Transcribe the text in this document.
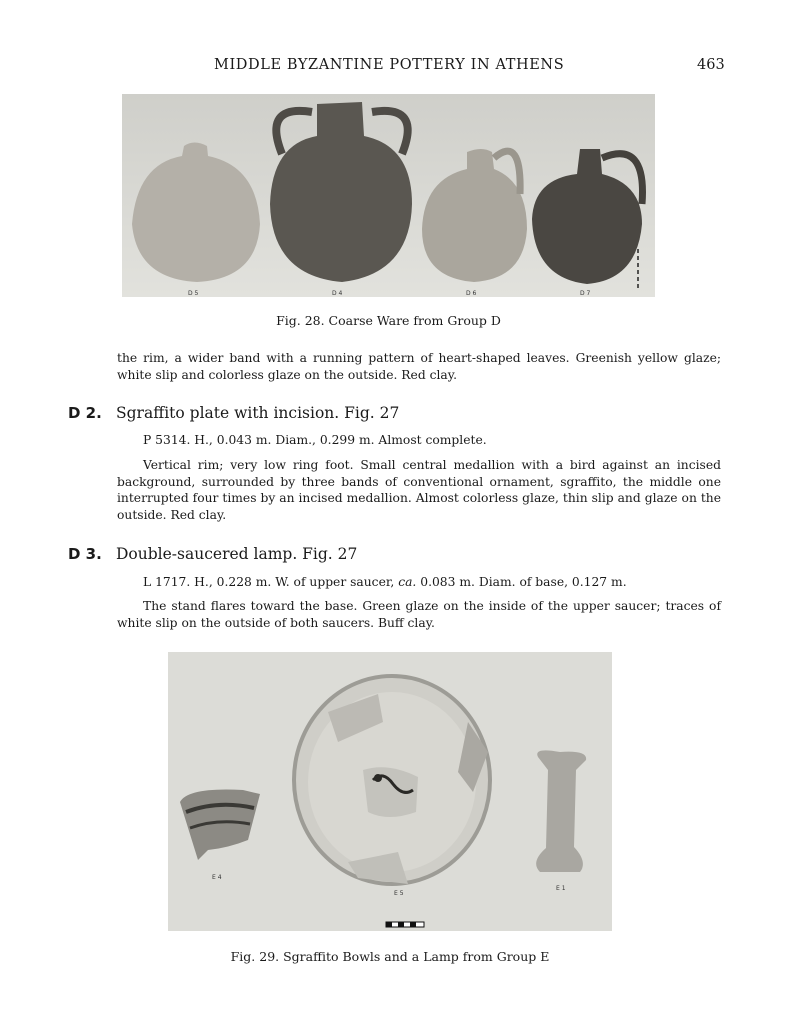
MIDDLE BYZANTINE POTTERY IN ATHENS	463
D 5	D 4	D 6	D 7
Fig. 28. Coarse Ware from Group D
the rim, a wider band with a running pattern of heart-shaped leaves. Greenish yellow glaze; white slip and colorless glaze on the outside. Red clay.
D 2. Sgraffito plate with incision. Fig. 27
P 5314. H., 0.043 m. Diam., 0.299 m. Almost complete.
Vertical rim; very low ring foot. Small central medallion with a bird against an incised background, surrounded by three bands of conventional ornament, sgraffito, the middle one interrupted four times by an incised medallion. Almost colorless glaze, thin slip and glaze on the outside. Red clay.
D 3. Double-saucered lamp. Fig. 27
L 1717. H., 0.228 m. W. of upper saucer, ca. 0.083 m. Diam. of base, 0.127 m.
The stand flares toward the base. Green glaze on the inside of the upper saucer; traces of white slip on the outside of both saucers. Buff clay.
E 4
E 5
E 1
Fig. 29. Sgraffito Bowls and a Lamp from Group E
